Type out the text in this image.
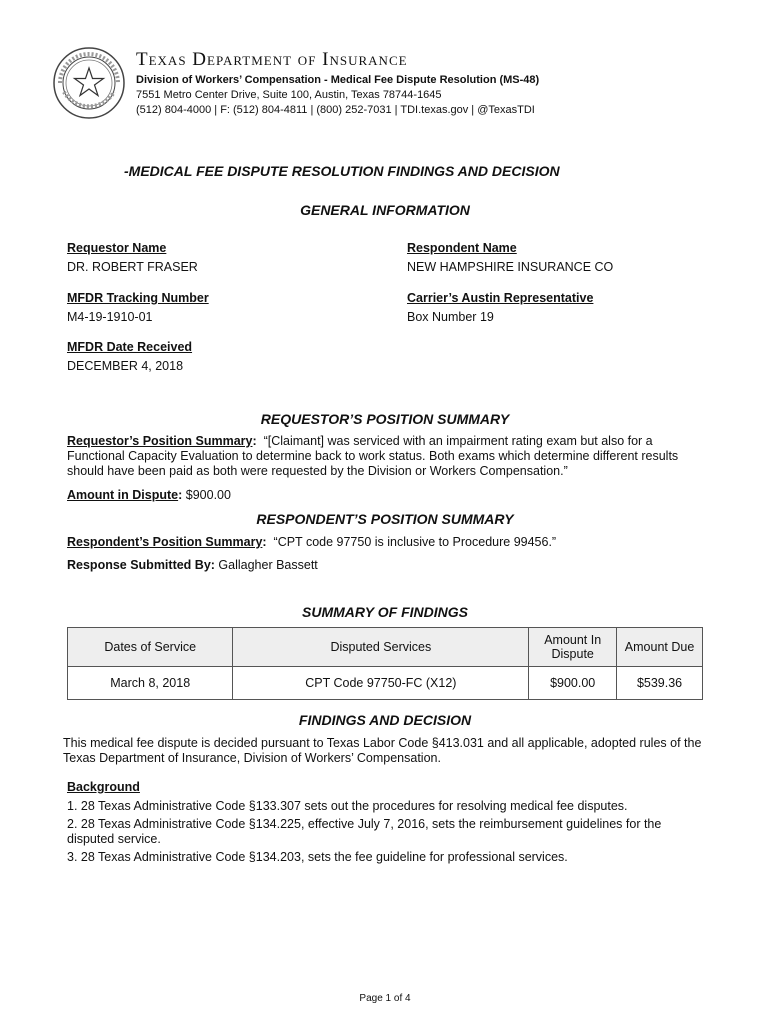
Texas Department of Insurance
Division of Workers’ Compensation - Medical Fee Dispute Resolution (MS-48)
7551 Metro Center Drive, Suite 100, Austin, Texas 78744-1645
(512) 804-4000 | F: (512) 804-4811 | (800) 252-7031 | TDI.texas.gov | @TexasTDI
-MEDICAL FEE DISPUTE RESOLUTION FINDINGS AND DECISION
GENERAL INFORMATION
Requestor Name
DR. ROBERT FRASER
Respondent Name
NEW HAMPSHIRE INSURANCE CO
MFDR Tracking Number
M4-19-1910-01
Carrier’s Austin Representative
Box Number 19
MFDR Date Received
DECEMBER 4, 2018
REQUESTOR’S POSITION SUMMARY
Requestor’s Position Summary: “[Claimant] was serviced with an impairment rating exam but also for a Functional Capacity Evaluation to determine back to work status. Both exams which determine different results should have been paid as both were requested by the Division or Workers Compensation.”
Amount in Dispute: $900.00
RESPONDENT’S POSITION SUMMARY
Respondent’s Position Summary: “CPT code 97750 is inclusive to Procedure 99456.”
Response Submitted By: Gallagher Bassett
SUMMARY OF FINDINGS
Dates of Service	Disputed Services	Amount In Dispute	Amount Due
March 8, 2018	CPT Code 97750-FC (X12)	$900.00	$539.36
FINDINGS AND DECISION
This medical fee dispute is decided pursuant to Texas Labor Code §413.031 and all applicable, adopted rules of the Texas Department of Insurance, Division of Workers’ Compensation.
Background
1. 28 Texas Administrative Code §133.307 sets out the procedures for resolving medical fee disputes.
2. 28 Texas Administrative Code §134.225, effective July 7, 2016, sets the reimbursement guidelines for the disputed service.
3. 28 Texas Administrative Code §134.203, sets the fee guideline for professional services.
Page 1 of 4
